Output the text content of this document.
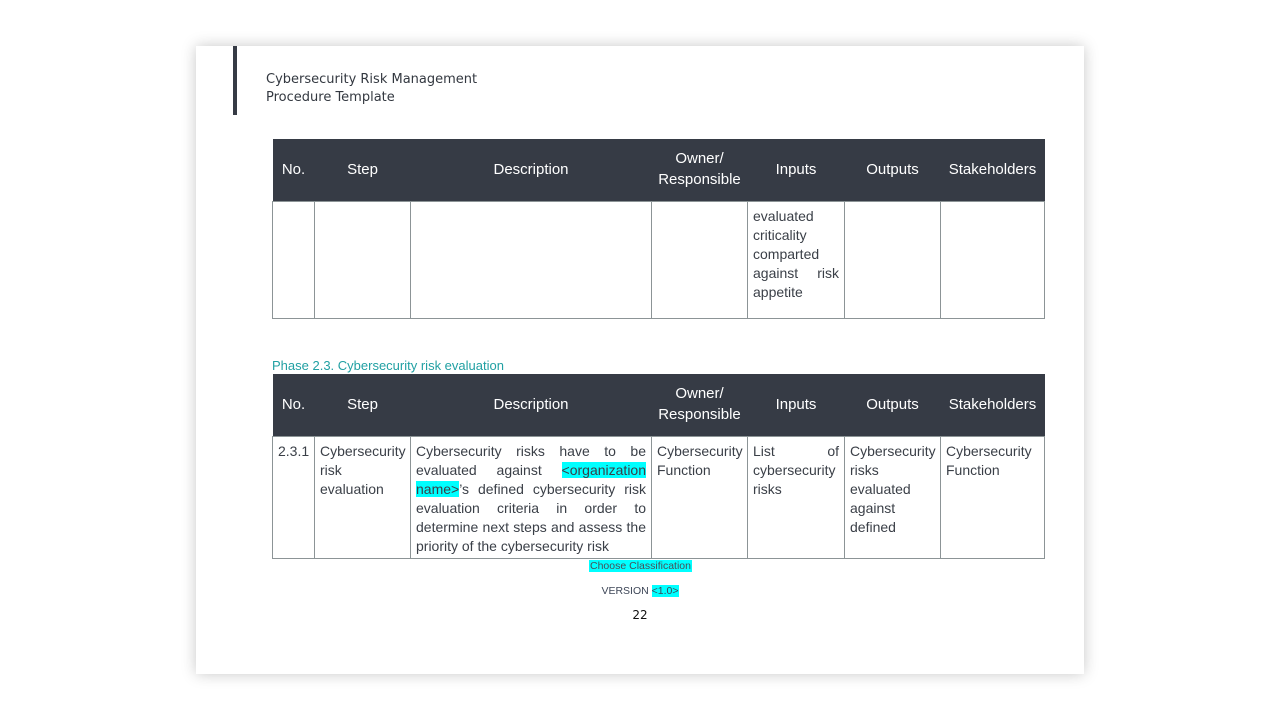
Cybersecurity Risk Management
Procedure Template
No.	Step	Description	Owner/ Responsible	Inputs	Outputs	Stakeholders
				evaluated criticality comparted against risk appetite		
Phase 2.3. Cybersecurity risk evaluation
No.	Step	Description	Owner/ Responsible	Inputs	Outputs	Stakeholders
2.3.1	Cybersecurity risk evaluation	Cybersecurity risks have to be evaluated against <organization name>’s defined cybersecurity risk evaluation criteria in order to determine next steps and assess the priority of the cybersecurity risk	Cybersecurity Function	List of cybersecurity risks	Cybersecurity risks evaluated against defined	Cybersecurity Function
Choose Classification
VERSION <1.0>
22
